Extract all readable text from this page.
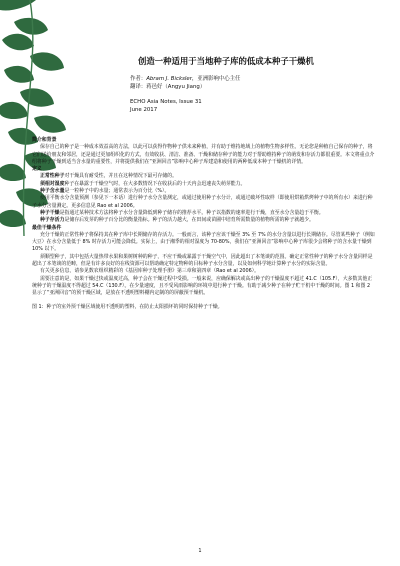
创造一种适用于当地种子库的低成本种子干燥机
作者：Abram J. Bicksler，亚洲影响中心主任
翻译：蒋邑好（Angyu Jiang）
ECHO Asia Notes, Issue 31
June 2017

简介和背景

保存自己的种子是一种成本效益高的方法，以此可以获得作物种子供未来种植，并有助于维持地域上的植物生物多样性。无论您是种植自己保存的种子，将它们送给朋友和邻居，还是通过更加组织化的方式，有效收获、清洁、准备、干燥和储存种子的能力对于帮助维持种子的萌发和存活力都很重要。本文将重点介绍将种子干燥到适当含水量的重要性，并将提供我们在“亚洲回音”影响中心种子库建造和使用的两种低成本种子干燥机的详情。

定义

正常性种子对干燥具有耐受性，并且在这种情况下最可存储的。

须相对湿度种子在暴露于干燥空气时，在大多数情况下在收获后的十天内会迅速丧失萌芽能力。

种子含水量是一粒种子中的水量；通常表示为百分比（%）。

使用平衡水分含量预测（参见下一本话）进行种子水分含量测定，或通过使用种子水分计，或通过破坏性取样（即使用烘箱烘烤种子中的所有水）来进行种子水分含量测定。更多信息见 Rao et al 2006。

种子干燥是指通过某种技术方法将种子水分含量降低到种子储存的推荐水平。种子以指数的速率进行干燥，直至水分含量趋于平衡。

种子存活力是储存后发芽的种子百分比的衡量指标。种子的活力越大，在田间或苗圃中培育所需数量的植物所需的种子就越少。

最佳干燥条件

充分干燥的正常性种子将保持其在种子库中长期储存的存活力。一般而言，该种子应该干燥至 3% 至 7% 的水分含量以进行长期储存。尽管某些种子（例如大豆）在水分含量低于 8% 时存活力可能会降低。实际上，由于湘季的相对湿度为 70-80%，我们在“亚洲回音”影响中心种子库很少会将种子的含水量干燥到 10% 以下。

须顺型种子，其中包括大量热带水果和果树树种的种子，不应干燥或暴露于干燥空气中，因此超出了本笔谈的范围。确定正常性种子的种子水分含量同样是超出了本笔谈的范畴，但是有许多良好的在线资源可以帮助确定特定物种的目标种子水分含量，以及如何科学地计算种子水分的实际含量。

有关更多信息，请参见数农组织精彩的《基因库种子处理手册》第三章和第四章（Rao et al 2006）。

需要注意的是，如果干燥过快或温度过高，种子会在干燥过程中受损。一般来说，应确保解决或高出种子的干燥温度不超过 41.C（105.F），大多数其他正统种子的干燥温度不得超过 54.C（130.F）。在少量速度，且不受风雨影响的环境中进行种子干燥。有助于减少种子在种子贮干机中干燥的时间。图 1 和图 2 显示了“亚洲回音”的预干燥区域，是放在不透明塑料棚内定制的的屏蔽预干燥机。

图 1：种子的室外预干燥区域使用不透明的塑料，在防止太阳损坏的同时保持种子干燥。

1
